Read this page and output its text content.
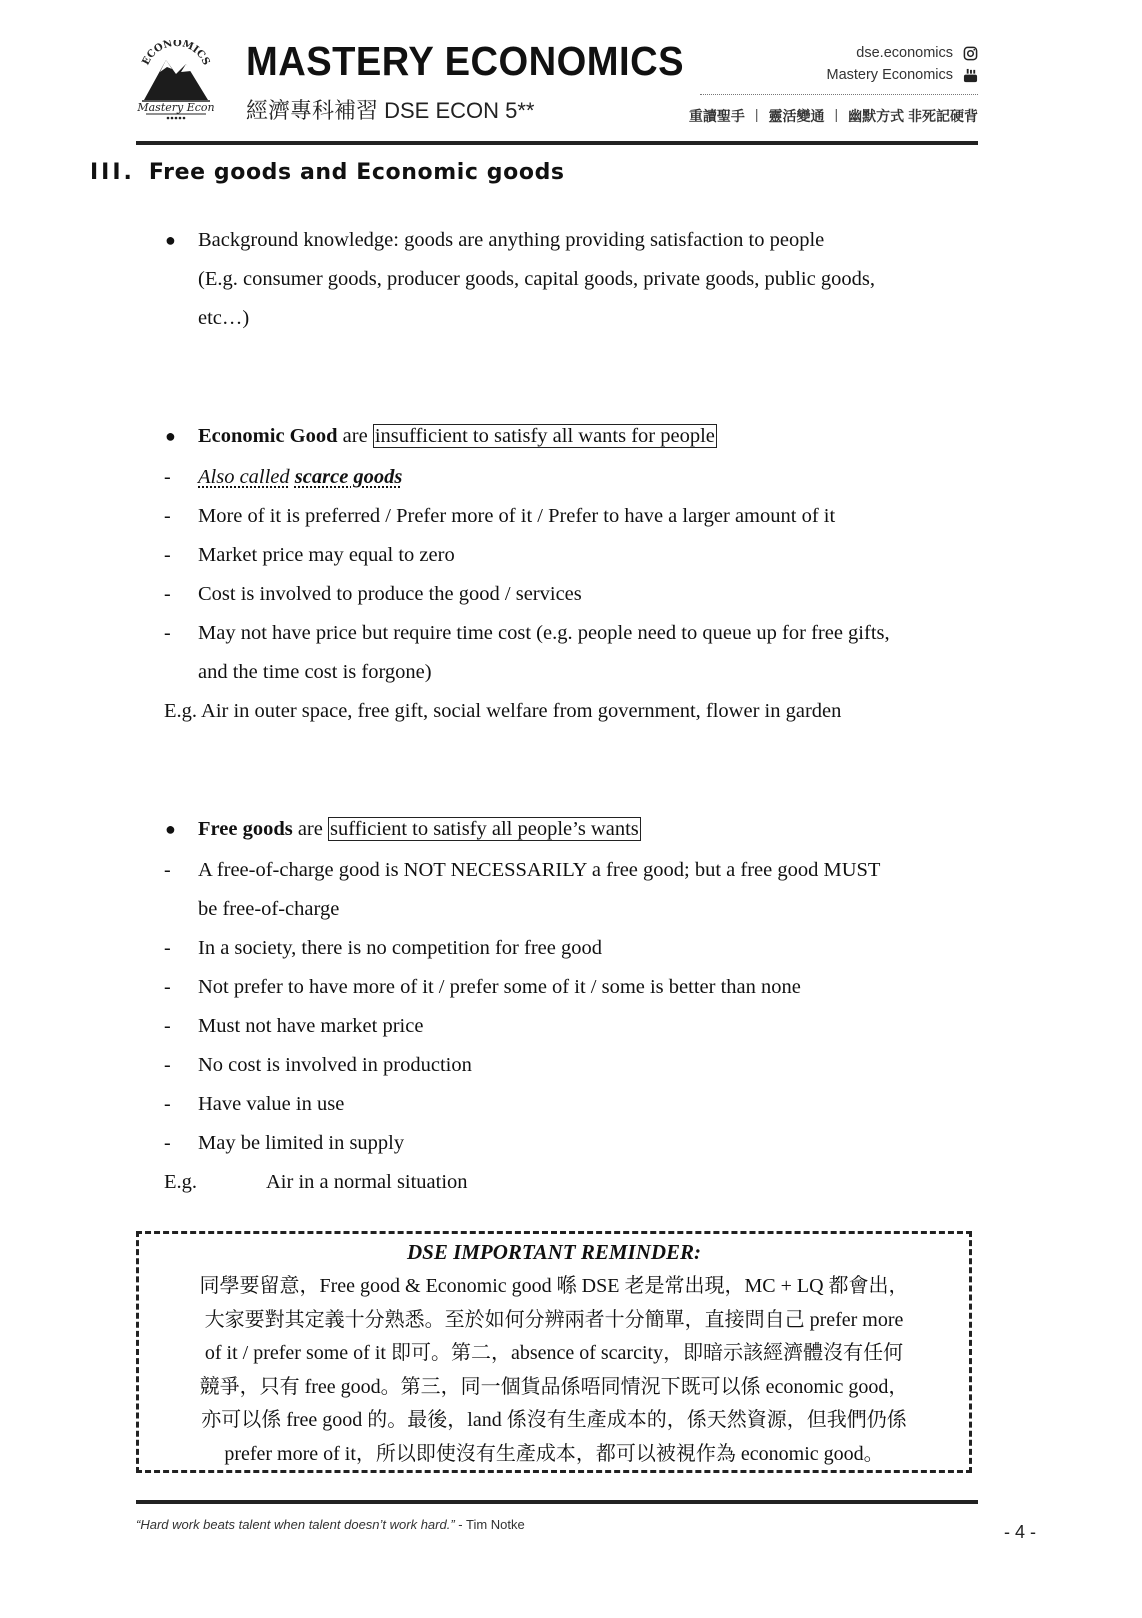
ECONOMICS
Mastery Econ
MASTERY ECONOMICS
經濟專科補習 DSE ECON 5**
dse.economics
Mastery Economics
重讀聖手 | 靈活變通 | 幽默方式 非死記硬背
III. Free goods and Economic goods
● Background knowledge: goods are anything providing satisfaction to people
(E.g. consumer goods, producer goods, capital goods, private goods, public goods,
etc…)
● Economic Good are insufficient to satisfy all wants for people
- Also called scarce goods
- More of it is preferred / Prefer more of it / Prefer to have a larger amount of it
- Market price may equal to zero
- Cost is involved to produce the good / services
- May not have price but require time cost (e.g. people need to queue up for free gifts,
and the time cost is forgone)
E.g. Air in outer space, free gift, social welfare from government, flower in garden
● Free goods are sufficient to satisfy all people’s wants
- A free-of-charge good is NOT NECESSARILY a free good; but a free good MUST
be free-of-charge
- In a society, there is no competition for free good
- Not prefer to have more of it / prefer some of it / some is better than none
- Must not have market price
- No cost is involved in production
- Have value in use
- May be limited in supply
E.g.	Air in a normal situation
DSE IMPORTANT REMINDER:
同學要留意，Free good & Economic good 喺 DSE 老是常出現，MC + LQ 都會出，
大家要對其定義十分熟悉。至於如何分辨兩者十分簡單，直接問自己 prefer more
of it / prefer some of it 即可。第二，absence of scarcity，即暗示該經濟體沒有任何
競爭，只有 free good。第三，同一個貨品係唔同情況下既可以係 economic good，
亦可以係 free good 的。最後，land 係沒有生產成本的，係天然資源，但我們仍係
prefer more of it，所以即使沒有生產成本，都可以被視作為 economic good。
“Hard work beats talent when talent doesn’t work hard.” - Tim Notke	- 4 -
